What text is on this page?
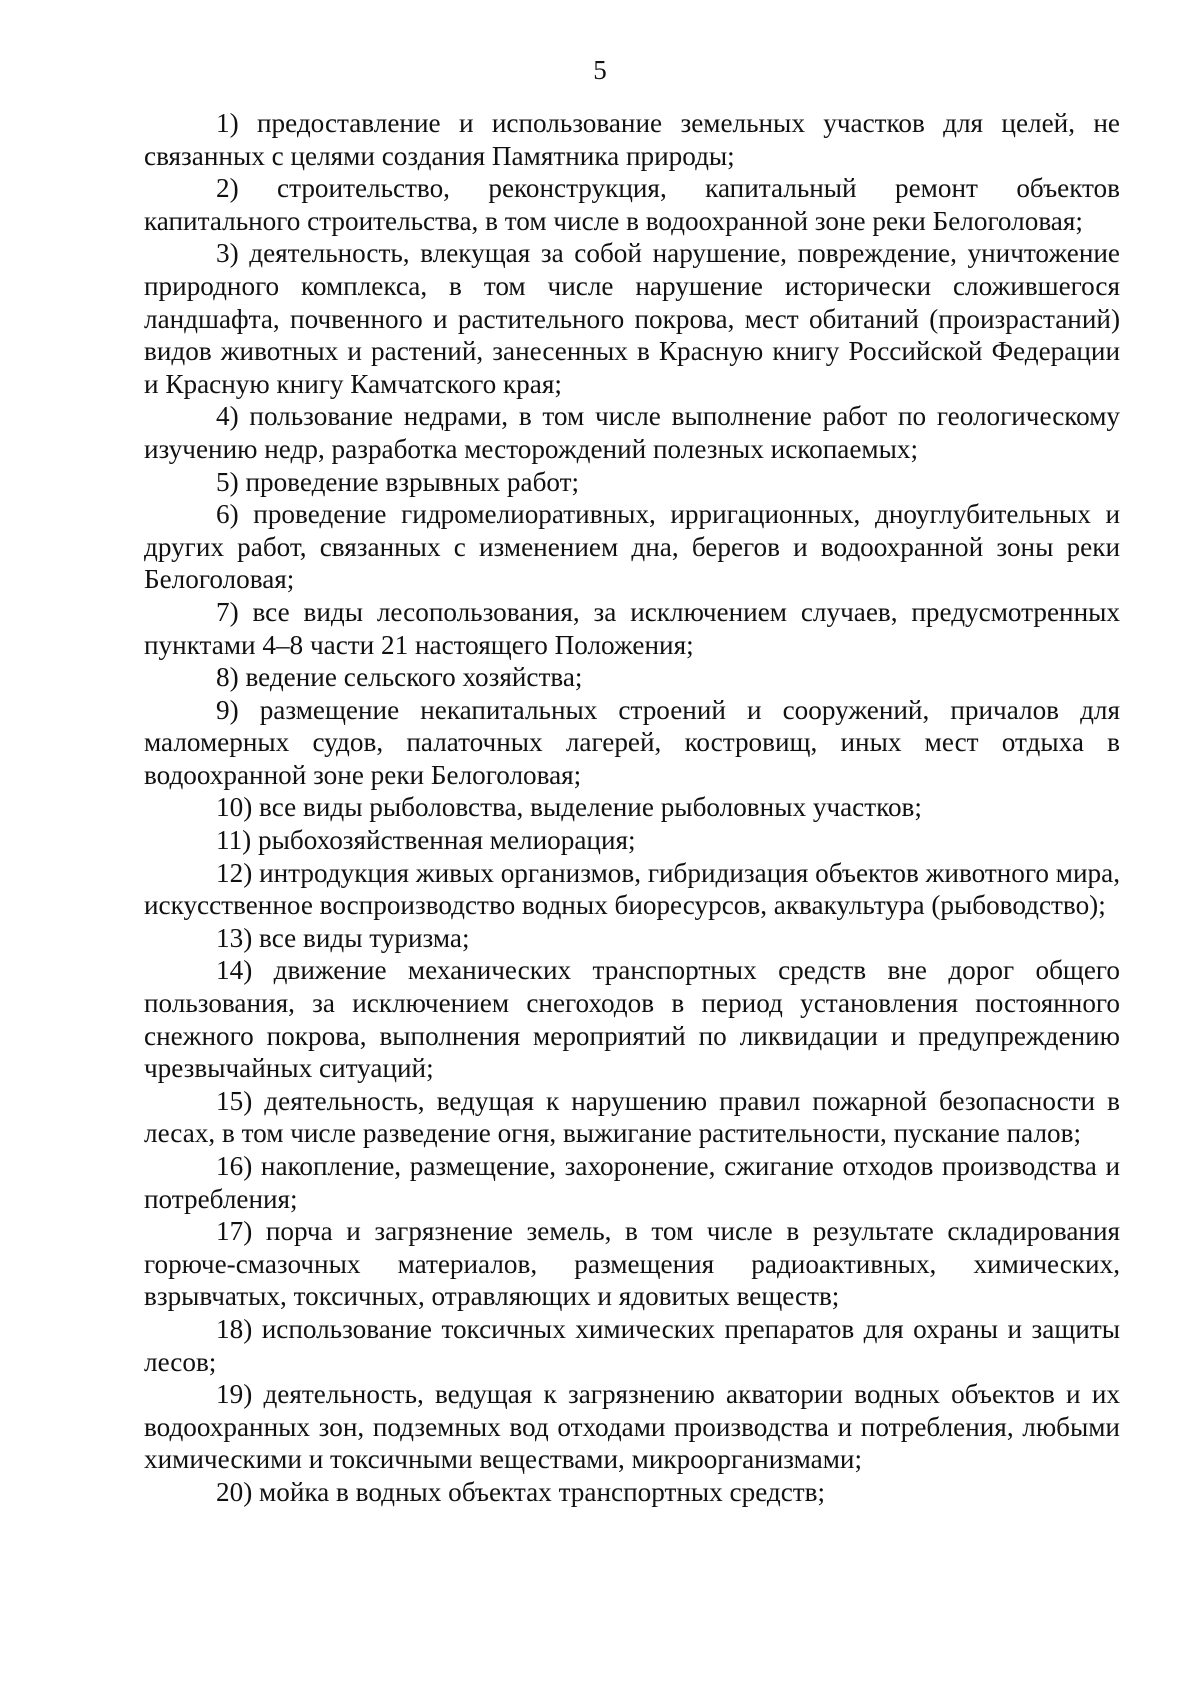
5

1) предоставление и использование земельных участков для целей, не связанных с целями создания Памятника природы;

2) строительство, реконструкция, капитальный ремонт объектов капитального строительства, в том числе в водоохранной зоне реки Белоголовая;

3) деятельность, влекущая за собой нарушение, повреждение, уничтожение природного комплекса, в том числе нарушение исторически сложившегося ландшафта, почвенного и растительного покрова, мест обитаний (произрастаний) видов животных и растений, занесенных в Красную книгу Российской Федерации и Красную книгу Камчатского края;

4) пользование недрами, в том числе выполнение работ по геологическому изучению недр, разработка месторождений полезных ископаемых;

5) проведение взрывных работ;

6) проведение гидромелиоративных, ирригационных, дноуглубительных и других работ, связанных с изменением дна, берегов и водоохранной зоны реки Белоголовая;

7) все виды лесопользования, за исключением случаев, предусмотренных пунктами 4–8 части 21 настоящего Положения;

8) ведение сельского хозяйства;

9) размещение некапитальных строений и сооружений, причалов для маломерных судов, палаточных лагерей, костровищ, иных мест отдыха в водоохранной зоне реки Белоголовая;

10) все виды рыболовства, выделение рыболовных участков;

11) рыбохозяйственная мелиорация;

12) интродукция живых организмов, гибридизация объектов животного мира, искусственное воспроизводство водных биоресурсов, аквакультура (рыбоводство);

13) все виды туризма;

14) движение механических транспортных средств вне дорог общего пользования, за исключением снегоходов в период установления постоянного снежного покрова, выполнения мероприятий по ликвидации и предупреждению чрезвычайных ситуаций;

15) деятельность, ведущая к нарушению правил пожарной безопасности в лесах, в том числе разведение огня, выжигание растительности, пускание палов;

16) накопление, размещение, захоронение, сжигание отходов производства и потребления;

17) порча и загрязнение земель, в том числе в результате складирования горюче-смазочных материалов, размещения радиоактивных, химических, взрывчатых, токсичных, отравляющих и ядовитых веществ;

18) использование токсичных химических препаратов для охраны и защиты лесов;

19) деятельность, ведущая к загрязнению акватории водных объектов и их водоохранных зон, подземных вод отходами производства и потребления, любыми химическими и токсичными веществами, микроорганизмами;

20) мойка в водных объектах транспортных средств;
